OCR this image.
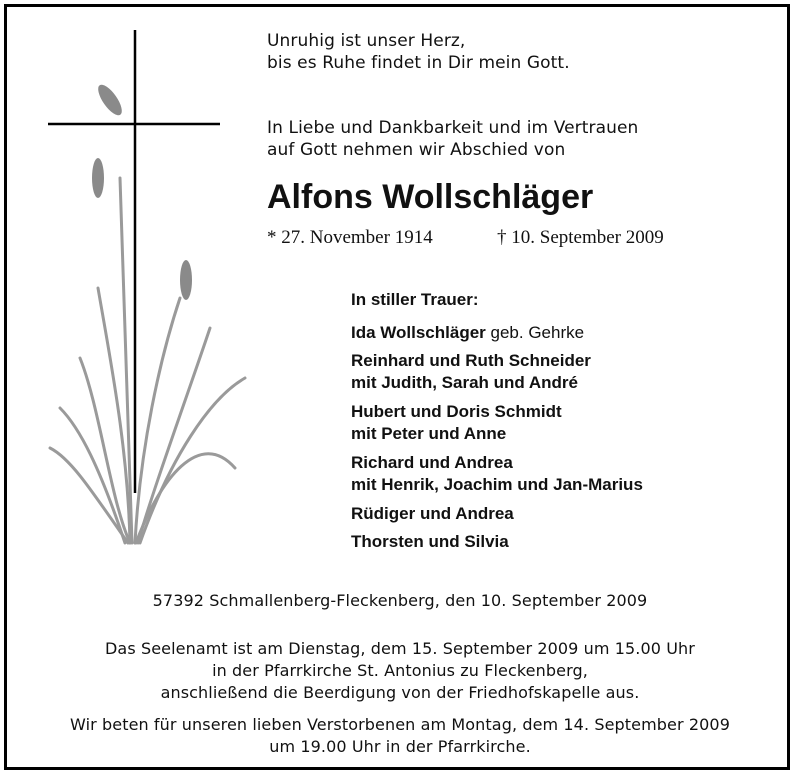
Unruhig ist unser Herz,
bis es Ruhe findet in Dir mein Gott.
In Liebe und Dankbarkeit und im Vertrauen
auf Gott nehmen wir Abschied von
Alfons Wollschläger
* 27. November 1914	† 10. September 2009
In stiller Trauer:
Ida Wollschläger geb. Gehrke
Reinhard und Ruth Schneider
mit Judith, Sarah und André
Hubert und Doris Schmidt
mit Peter und Anne
Richard und Andrea
mit Henrik, Joachim und Jan-Marius
Rüdiger und Andrea
Thorsten und Silvia
57392 Schmallenberg-Fleckenberg, den 10. September 2009
Das Seelenamt ist am Dienstag, dem 15. September 2009 um 15.00 Uhr
in der Pfarrkirche St. Antonius zu Fleckenberg,
anschließend die Beerdigung von der Friedhofskapelle aus.
Wir beten für unseren lieben Verstorbenen am Montag, dem 14. September 2009
um 19.00 Uhr in der Pfarrkirche.
